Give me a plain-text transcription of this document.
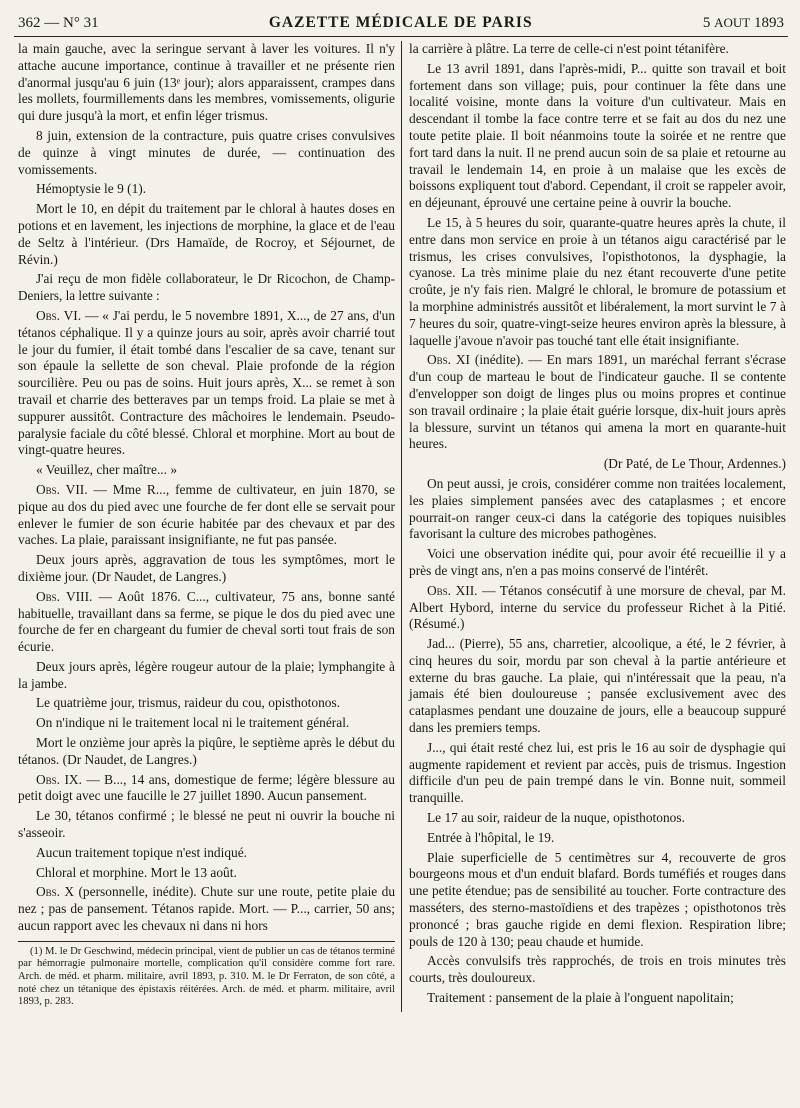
362 — N° 31	GAZETTE MÉDICALE DE PARIS	5 AOUT 1893

la main gauche, avec la seringue servant à laver les voitures. Il n'y attache aucune importance, continue à travailler et ne présente rien d'anormal jusqu'au 6 juin (13ᵉ jour); alors apparaissent, crampes dans les mollets, fourmillements dans les membres, vomissements, oligurie qui dure jusqu'à la mort, et enfin léger trismus.

8 juin, extension de la contracture, puis quatre crises convulsives de quinze à vingt minutes de durée, — continuation des vomissements.

Hémoptysie le 9 (1).

Mort le 10, en dépit du traitement par le chloral à hautes doses en potions et en lavement, les injections de morphine, la glace et de l'eau de Seltz à l'intérieur. (Drs Hamaïde, de Rocroy, et Séjournet, de Révin.)

J'ai reçu de mon fidèle collaborateur, le Dr Ricochon, de Champ-Deniers, la lettre suivante :

Obs. VI. — « J'ai perdu, le 5 novembre 1891, X..., de 27 ans, d'un tétanos céphalique. Il y a quinze jours au soir, après avoir charrié tout le jour du fumier, il était tombé dans l'escalier de sa cave, tenant sur son épaule la sellette de son cheval. Plaie profonde de la région sourcilière. Peu ou pas de soins. Huit jours après, X... se remet à son travail et charrie des betteraves par un temps froid. La plaie se met à suppurer aussitôt. Contracture des mâchoires le lendemain. Pseudo-paralysie faciale du côté blessé. Chloral et morphine. Mort au bout de vingt-quatre heures.

« Veuillez, cher maître... »

Obs. VII. — Mme R..., femme de cultivateur, en juin 1870, se pique au dos du pied avec une fourche de fer dont elle se servait pour enlever le fumier de son écurie habitée par des chevaux et par des vaches. La plaie, paraissant insignifiante, ne fut pas pansée.

Deux jours après, aggravation de tous les symptômes, mort le dixième jour. (Dr Naudet, de Langres.)

Obs. VIII. — Août 1876. C..., cultivateur, 75 ans, bonne santé habituelle, travaillant dans sa ferme, se pique le dos du pied avec une fourche de fer en chargeant du fumier de cheval sorti tout frais de son écurie.

Deux jours après, légère rougeur autour de la plaie; lymphangite à la jambe.

Le quatrième jour, trismus, raideur du cou, opisthotonos.

On n'indique ni le traitement local ni le traitement général.

Mort le onzième jour après la piqûre, le septième après le début du tétanos. (Dr Naudet, de Langres.)

Obs. IX. — B..., 14 ans, domestique de ferme; légère blessure au petit doigt avec une faucille le 27 juillet 1890. Aucun pansement.

Le 30, tétanos confirmé ; le blessé ne peut ni ouvrir la bouche ni s'asseoir.

Aucun traitement topique n'est indiqué.

Chloral et morphine. Mort le 13 août.

Obs. X (personnelle, inédite). Chute sur une route, petite plaie du nez ; pas de pansement. Tétanos rapide. Mort. — P..., carrier, 50 ans; aucun rapport avec les chevaux ni dans ni hors

(1) M. le Dr Geschwind, médecin principal, vient de publier un cas de tétanos terminé par hémorragie pulmonaire mortelle, complication qu'il considère comme fort rare. Arch. de méd. et pharm. militaire, avril 1893, p. 310. M. le Dr Ferraton, de son côté, a noté chez un tétanique des épistaxis réitérées. Arch. de méd. et pharm. militaire, avril 1893, p. 283.

la carrière à plâtre. La terre de celle-ci n'est point tétanifère.

Le 13 avril 1891, dans l'après-midi, P... quitte son travail et boit fortement dans son village; puis, pour continuer la fête dans une localité voisine, monte dans la voiture d'un cultivateur. Mais en descendant il tombe la face contre terre et se fait au dos du nez une toute petite plaie. Il boit néanmoins toute la soirée et ne rentre que fort tard dans la nuit. Il ne prend aucun soin de sa plaie et retourne au travail le lendemain 14, en proie à un malaise que les excès de boissons expliquent tout d'abord. Cependant, il croit se rappeler avoir, en déjeunant, éprouvé une certaine peine à ouvrir la bouche.

Le 15, à 5 heures du soir, quarante-quatre heures après la chute, il entre dans mon service en proie à un tétanos aigu caractérisé par le trismus, les crises convulsives, l'opisthotonos, la dysphagie, la cyanose. La très minime plaie du nez étant recouverte d'une petite croûte, je n'y fais rien. Malgré le chloral, le bromure de potassium et la morphine administrés aussitôt et libéralement, la mort survint le 7 à 7 heures du soir, quatre-vingt-seize heures environ après la blessure, à laquelle j'avoue n'avoir pas touché tant elle était insignifiante.

Obs. XI (inédite). — En mars 1891, un maréchal ferrant s'écrase d'un coup de marteau le bout de l'indicateur gauche. Il se contente d'envelopper son doigt de linges plus ou moins propres et continue son travail ordinaire ; la plaie était guérie lorsque, dix-huit jours après la blessure, survint un tétanos qui amena la mort en quarante-huit heures.

(Dr Paté, de Le Thour, Ardennes.)

On peut aussi, je crois, considérer comme non traitées localement, les plaies simplement pansées avec des cataplasmes ; et encore pourrait-on ranger ceux-ci dans la catégorie des topiques nuisibles favorisant la culture des microbes pathogènes.

Voici une observation inédite qui, pour avoir été recueillie il y a près de vingt ans, n'en a pas moins conservé de l'intérêt.

Obs. XII. — Tétanos consécutif à une morsure de cheval, par M. Albert Hybord, interne du service du professeur Richet à la Pitié. (Résumé.)

Jad... (Pierre), 55 ans, charretier, alcoolique, a été, le 2 février, à cinq heures du soir, mordu par son cheval à la partie antérieure et externe du bras gauche. La plaie, qui n'intéressait que la peau, n'a jamais été bien douloureuse ; pansée exclusivement avec des cataplasmes pendant une douzaine de jours, elle a beaucoup suppuré dans les premiers temps.

J..., qui était resté chez lui, est pris le 16 au soir de dysphagie qui augmente rapidement et revient par accès, puis de trismus. Ingestion difficile d'un peu de pain trempé dans le vin. Bonne nuit, sommeil tranquille.

Le 17 au soir, raideur de la nuque, opisthotonos.

Entrée à l'hôpital, le 19.

Plaie superficielle de 5 centimètres sur 4, recouverte de gros bourgeons mous et d'un enduit blafard. Bords tuméfiés et rouges dans une petite étendue; pas de sensibilité au toucher. Forte contracture des masséters, des sterno-mastoïdiens et des trapèzes ; opisthotonos très prononcé ; bras gauche rigide en demi flexion. Respiration libre; pouls de 120 à 130; peau chaude et humide.

Accès convulsifs très rapprochés, de trois en trois minutes très courts, très douloureux.

Traitement : pansement de la plaie à l'onguent napolitain;
